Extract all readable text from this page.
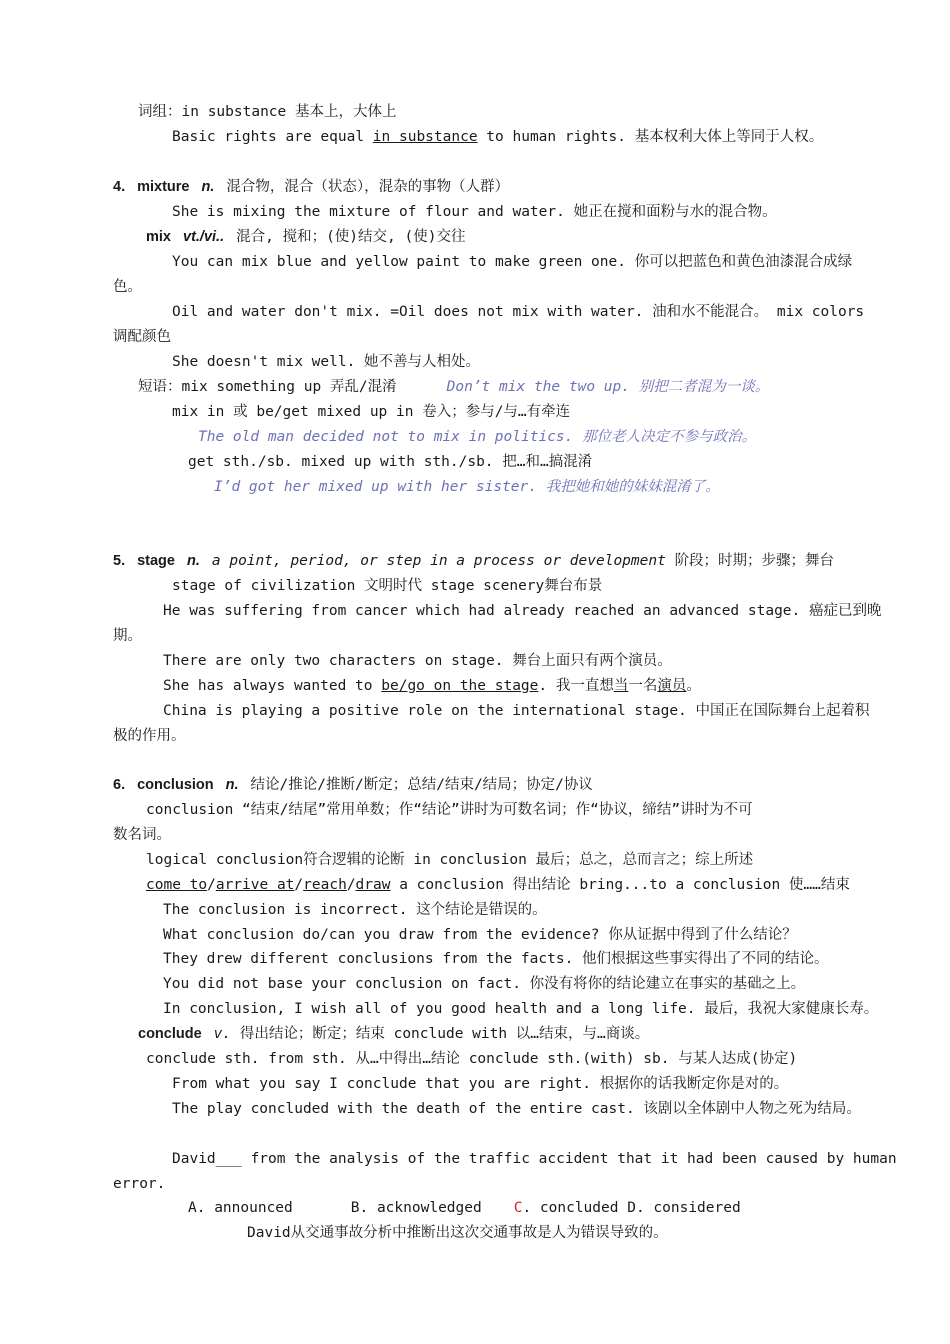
词组：in substance 基本上，大体上
Basic rights are equal in substance to human rights. 基本权利大体上等同于人权。
4. mixture n. 混合物，混合（状态），混杂的事物（人群）
She is mixing the mixture of flour and water. 她正在搅和面粉与水的混合物。
mix vt./vi.. 混合, 搅和；(使)结交, (使)交往
You can mix blue and yellow paint to make green one. 你可以把蓝色和黄色油漆混合成绿
色。
Oil and water don't mix. =Oil does not mix with water. 油和水不能混合。 mix colors
调配颜色
She doesn't mix well. 她不善与人相处。
短语：mix something up 弄乱/混淆	Don’t mix the two up. 别把二者混为一谈。
mix in 或 be/get mixed up in 卷入；参与/与…有牵连
The old man decided not to mix in politics. 那位老人决定不参与政治。
get sth./sb. mixed up with sth./sb. 把…和…搞混淆
I’d got her mixed up with her sister. 我把她和她的妹妹混淆了。
5. stage n. a point, period, or step in a process or development 阶段；时期；步骤；舞台
stage of civilization 文明时代 stage scenery舞台布景
He was suffering from cancer which had already reached an advanced stage. 癌症已到晚
期。
There are only two characters on stage. 舞台上面只有两个演员。
She has always wanted to be/go on the stage. 我一直想当一名演员。
China is playing a positive role on the international stage. 中国正在国际舞台上起着积
极的作用。
6. conclusion n. 结论/推论/推断/断定；总结/结束/结局；协定/协议
conclusion “结束/结尾”常用单数；作“结论”讲时为可数名词；作“协议，缔结”讲时为不可
数名词。
logical conclusion符合逻辑的论断 in conclusion 最后；总之，总而言之；综上所述
come to/arrive at/reach/draw a conclusion 得出结论 bring...to a conclusion 使……结束
The conclusion is incorrect. 这个结论是错误的。
What conclusion do/can you draw from the evidence? 你从证据中得到了什么结论？
They drew different conclusions from the facts. 他们根据这些事实得出了不同的结论。
You did not base your conclusion on fact. 你没有将你的结论建立在事实的基础之上。
In conclusion, I wish all of you good health and a long life. 最后，我祝大家健康长寿。
conclude v. 得出结论；断定；结束 conclude with 以…结束，与…商谈。
conclude sth. from sth. 从…中得出…结论 conclude sth.(with) sb. 与某人达成(协定)
From what you say I conclude that you are right. 根据你的话我断定你是对的。
The play concluded with the death of the entire cast. 该剧以全体剧中人物之死为结局。
David___ from the analysis of the traffic accident that it had been caused by human
error.
A. announced	B. acknowledged C. concluded D. considered
David从交通事故分析中推断出这次交通事故是人为错误导致的。
